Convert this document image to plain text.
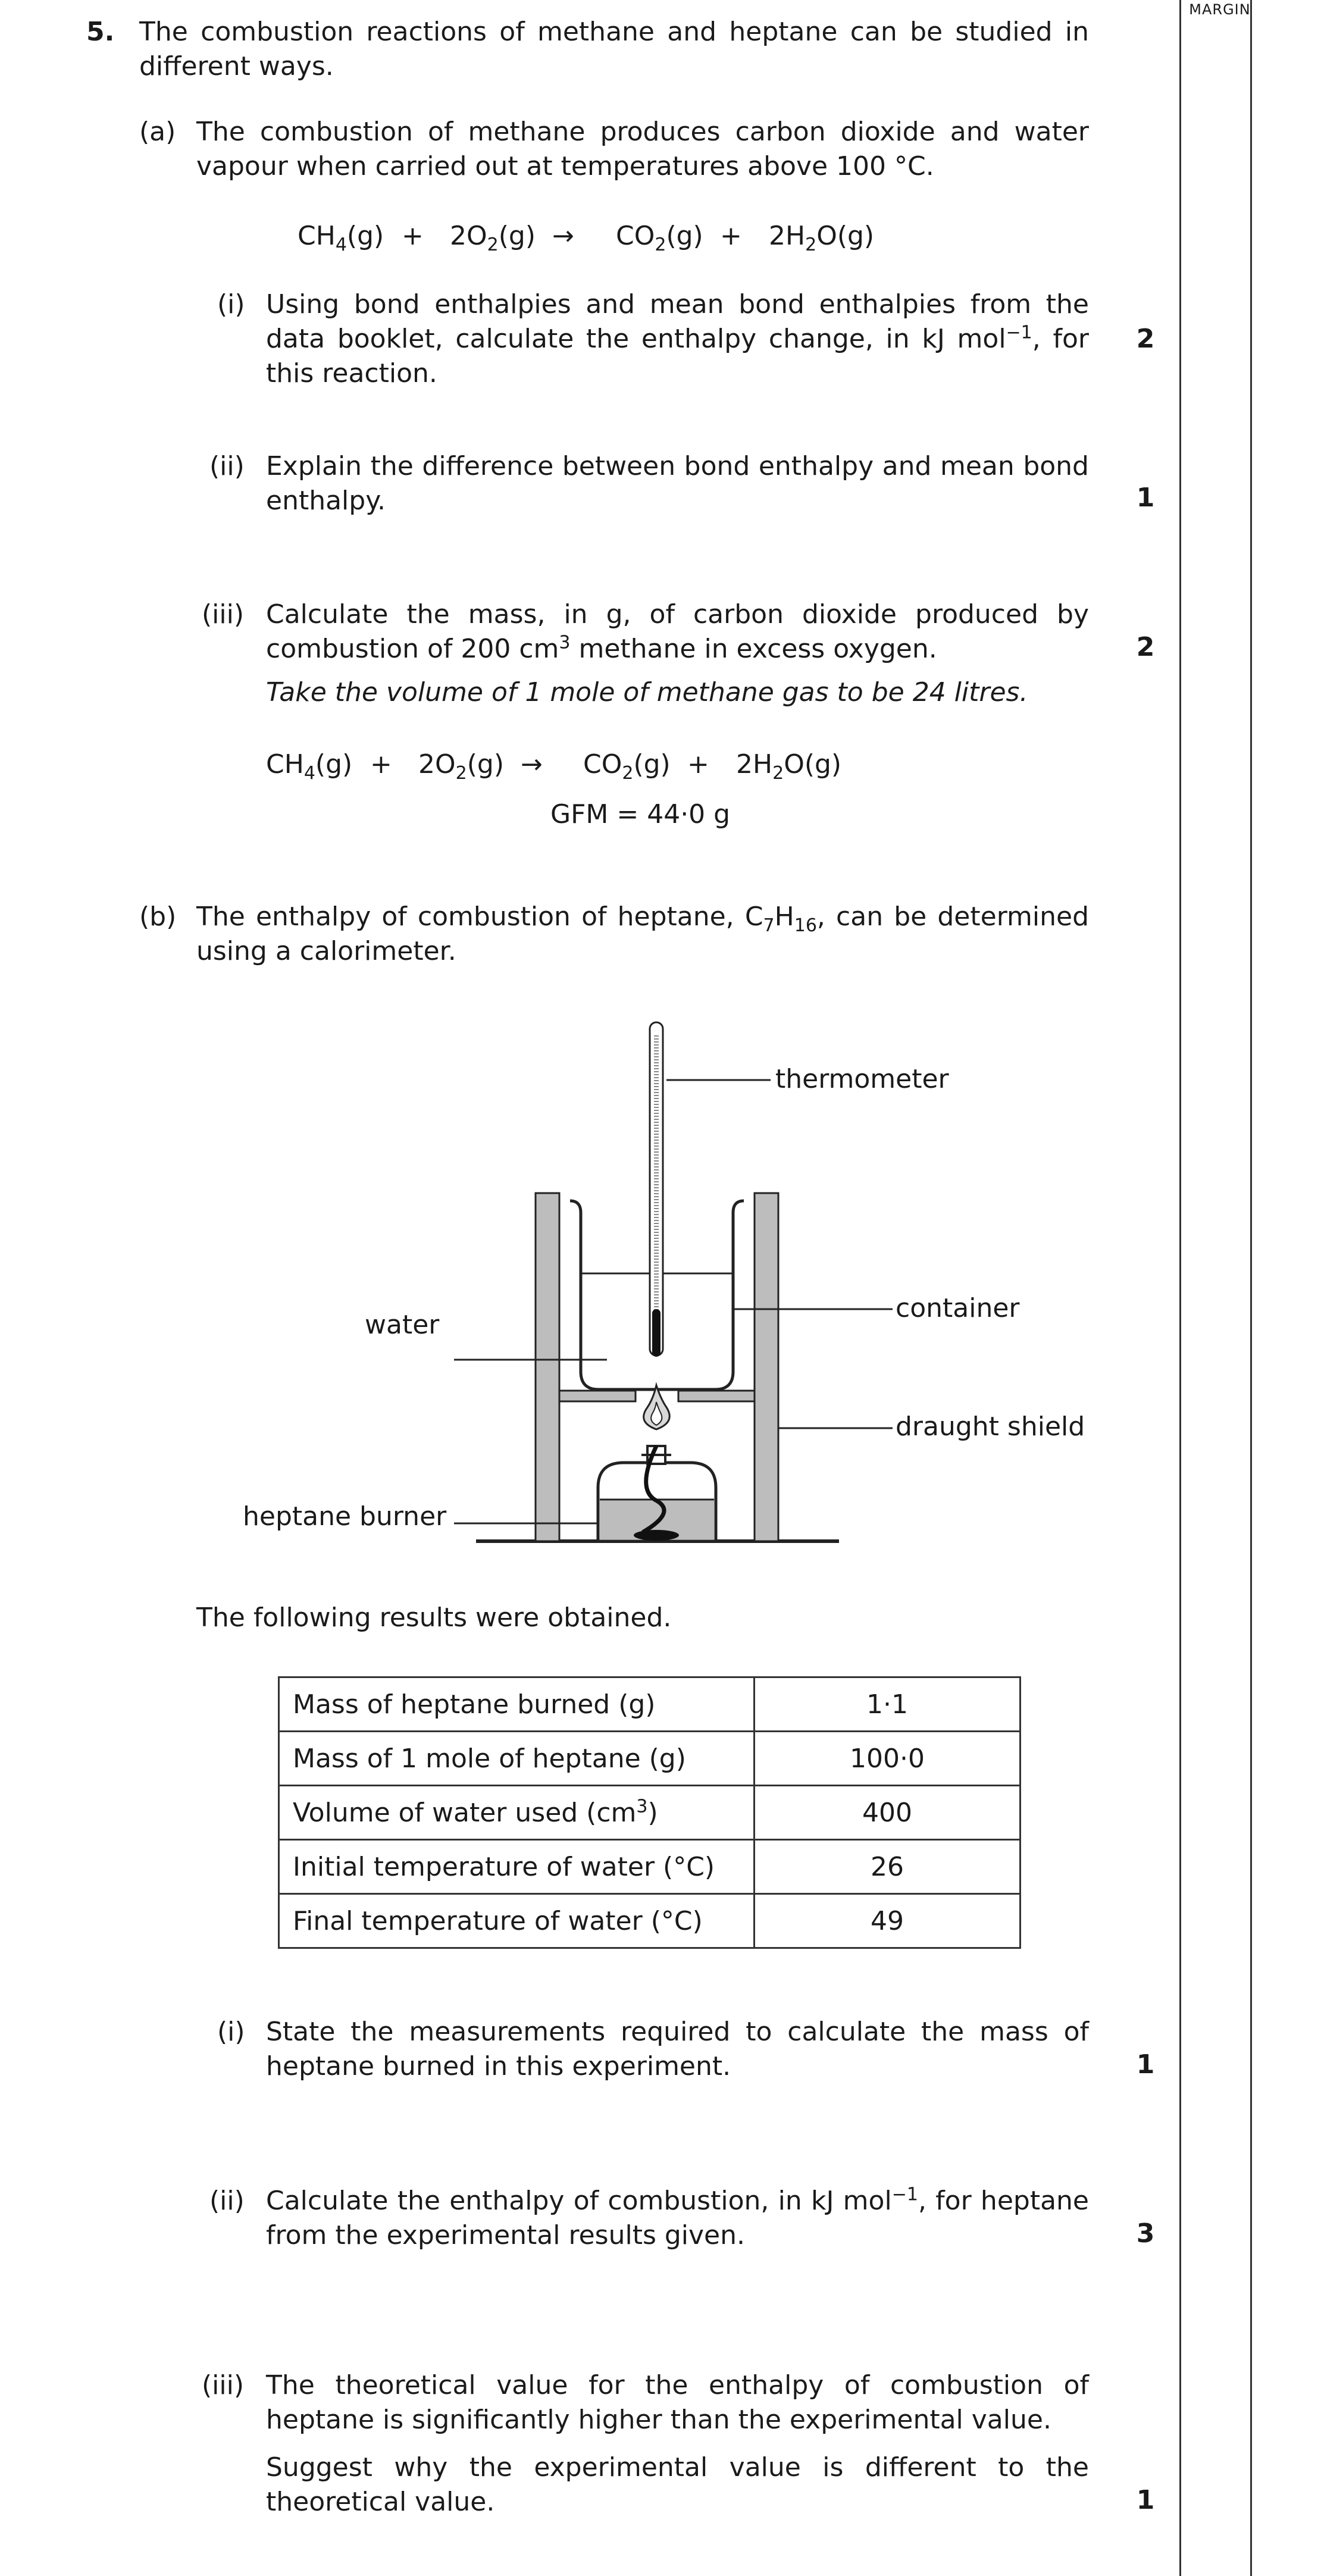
MARGIN
5. The combustion reactions of methane and heptane can be studied in different ways.
(a) The combustion of methane produces carbon dioxide and water vapour when carried out at temperatures above 100 °C.
$CH_4(g) + 2O_2(g) \to CO_2(g) + 2H_2O(g)$
(i) Using bond enthalpies and mean bond enthalpies from the data booklet, calculate the enthalpy change, in kJ mol$^{-1}$, for this reaction.
2
(ii) Explain the difference between bond enthalpy and mean bond enthalpy.	1
(iii) Calculate the mass, in g, of carbon dioxide produced by combustion of 200 $cm^3$ methane in excess oxygen.	2
Take the volume of 1 mole of methane gas to be 24 litres.
$CH_4(g) + 2O_2(g) \to CO_2(g) + 2H_2O(g)$
GFM = 44·0 g
(b) The enthalpy of combustion of heptane, $C_7H_{16}$, can be determined using a calorimeter.
thermometer
container
water
draught shield
heptane burner
The following results were obtained.
Mass of heptane burned (g)	1·1
Mass of 1 mole of heptane (g)	100·0
Volume of water used $(cm^3)$	400
Initial temperature of water (°C)	26
Final temperature of water (°C)	49
(i) State the measurements required to calculate the mass of heptane burned in this experiment.	1
(ii) Calculate the enthalpy of combustion, in kJ mol$^{-1}$, for heptane from the experimental results given.	3
(iii) The theoretical value for the enthalpy of combustion of heptane is significantly higher than the experimental value.
Suggest why the experimental value is different to the theoretical value.	1
